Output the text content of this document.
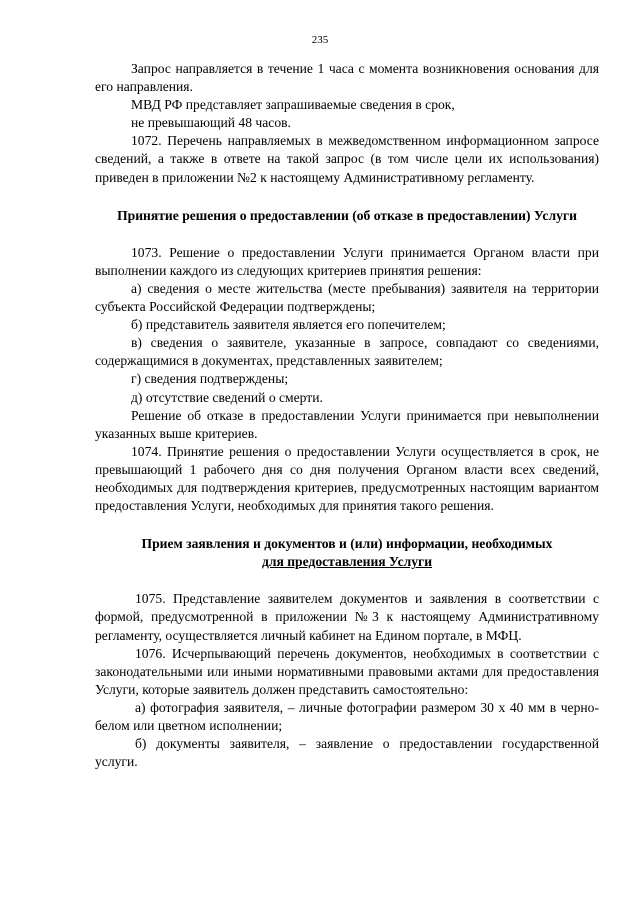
235

Запрос направляется в течение 1 часа с момента возникновения основания для его направления.

МВД РФ представляет запрашиваемые сведения в срок,

не превышающий 48 часов.

1072. Перечень направляемых в межведомственном информационном запросе сведений, а также в ответе на такой запрос (в том числе цели их использования) приведен в приложении №2 к настоящему Административному регламенту.

Принятие решения о предоставлении (об отказе в предоставлении) Услуги

1073. Решение о предоставлении Услуги принимается Органом власти при выполнении каждого из следующих критериев принятия решения:

а) сведения о месте жительства (месте пребывания) заявителя на территории субъекта Российской Федерации подтверждены;

б) представитель заявителя является его попечителем;

в) сведения о заявителе, указанные в запросе, совпадают со сведениями, содержащимися в документах, представленных заявителем;

г) сведения подтверждены;

д) отсутствие сведений о смерти.

Решение об отказе в предоставлении Услуги принимается при невыполнении указанных выше критериев.

1074. Принятие решения о предоставлении Услуги осуществляется в срок, не превышающий 1 рабочего дня со дня получения Органом власти всех сведений, необходимых для подтверждения критериев, предусмотренных настоящим вариантом предоставления Услуги, необходимых для принятия такого решения.

Прием заявления и документов и (или) информации, необходимых
для предоставления Услуги

1075. Представление заявителем документов и заявления в соответствии с формой, предусмотренной в приложении №3 к настоящему Административному регламенту, осуществляется личный кабинет на Едином портале, в МФЦ.

1076. Исчерпывающий перечень документов, необходимых в соответствии с законодательными или иными нормативными правовыми актами для предоставления Услуги, которые заявитель должен представить самостоятельно:

а) фотография заявителя, – личные фотографии размером 30 х 40 мм в черно-белом или цветном исполнении;

б) документы заявителя, – заявление о предоставлении государственной услуги.
